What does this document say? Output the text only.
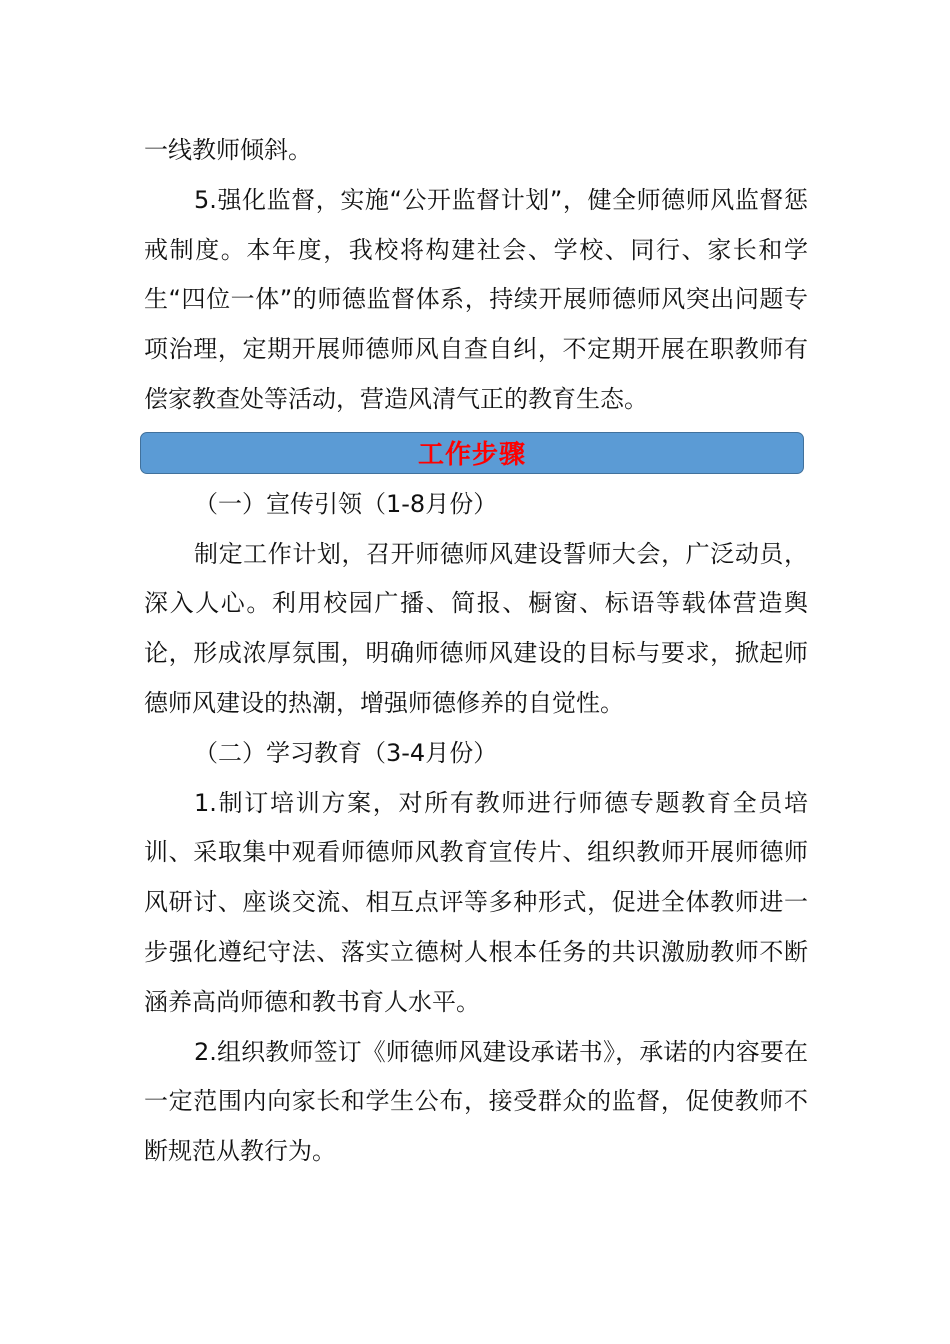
一线教师倾斜。

5.强化监督，实施“公开监督计划”，健全师德师风监督惩戒制度。本年度，我校将构建社会、学校、同行、家长和学生“四位一体”的师德监督体系，持续开展师德师风突出问题专项治理，定期开展师德师风自查自纠，不定期开展在职教师有偿家教查处等活动，营造风清气正的教育生态。

工作步骤

（一）宣传引领（1-8月份）

制定工作计划，召开师德师风建设誓师大会，广泛动员，深入人心。利用校园广播、简报、橱窗、标语等载体营造舆论，形成浓厚氛围，明确师德师风建设的目标与要求，掀起师德师风建设的热潮，增强师德修养的自觉性。

（二）学习教育（3-4月份）

1.制订培训方案，对所有教师进行师德专题教育全员培训、采取集中观看师德师风教育宣传片、组织教师开展师德师风研讨、座谈交流、相互点评等多种形式，促进全体教师进一步强化遵纪守法、落实立德树人根本任务的共识激励教师不断涵养高尚师德和教书育人水平。

2.组织教师签订《师德师风建设承诺书》，承诺的内容要在一定范围内向家长和学生公布，接受群众的监督，促使教师不断规范从教行为。
